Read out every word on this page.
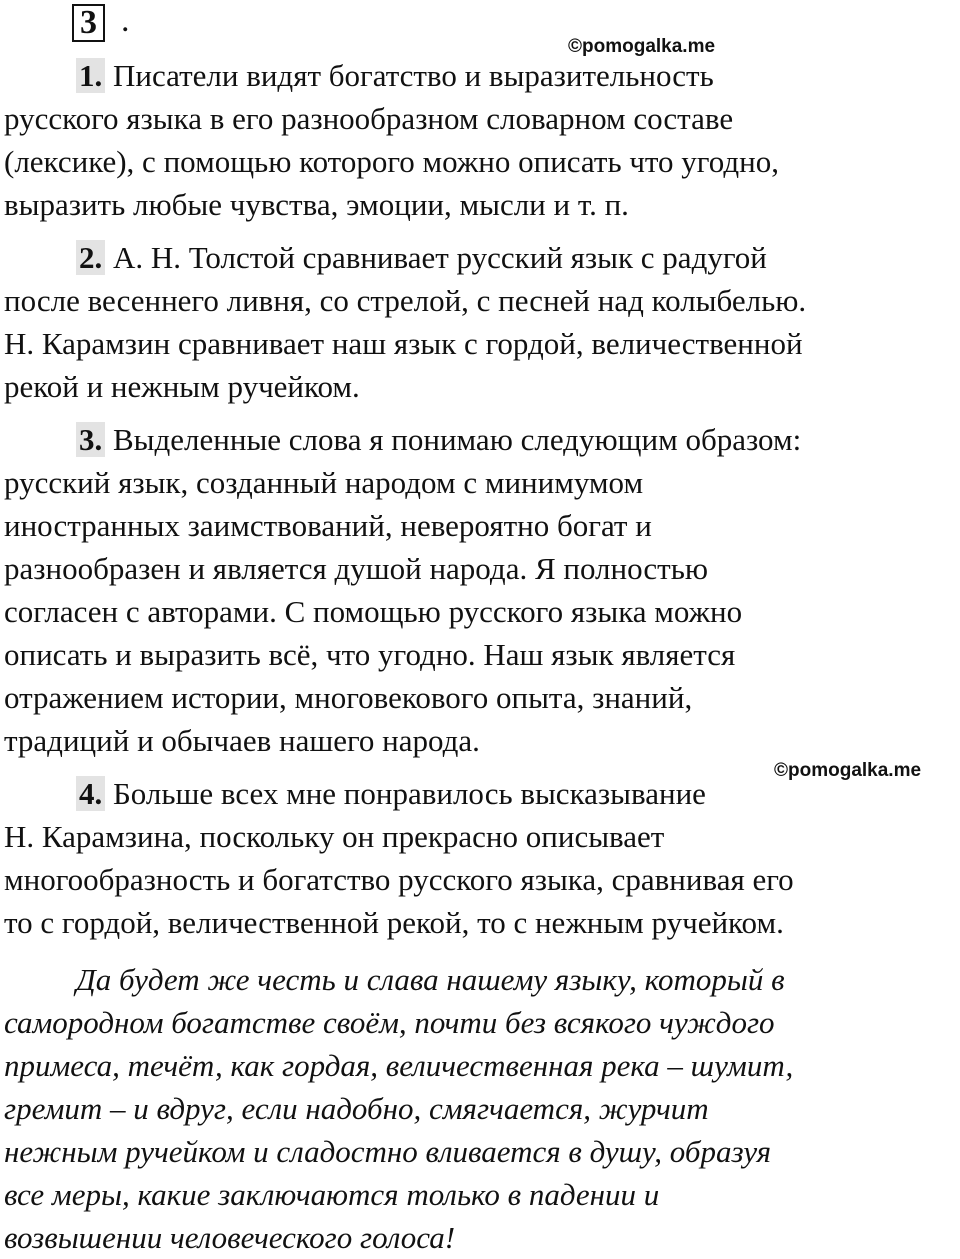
3 .
©pomogalka.me
©pomogalka.me

1. Писатели видят богатство и выразительность
русского языка в его разнообразном словарном составе
(лексике), с помощью которого можно описать что угодно,
выразить любые чувства, эмоции, мысли и т. п.

2. А. Н. Толстой сравнивает русский язык с радугой
после весеннего ливня, со стрелой, с песней над колыбелью.
Н. Карамзин сравнивает наш язык с гордой, величественной
рекой и нежным ручейком.

3. Выделенные слова я понимаю следующим образом:
русский язык, созданный народом с минимумом
иностранных заимствований, невероятно богат и
разнообразен и является душой народа. Я полностью
согласен с авторами. С помощью русского языка можно
описать и выразить всё, что угодно. Наш язык является
отражением истории, многовекового опыта, знаний,
традиций и обычаев нашего народа.

4. Больше всех мне понравилось высказывание
Н. Карамзина, поскольку он прекрасно описывает
многообразность и богатство русского языка, сравнивая его
то с гордой, величественной рекой, то с нежным ручейком.

Да будет же честь и слава нашему языку, который в
самородном богатстве своём, почти без всякого чуждого
примеса, течёт, как гордая, величественная река – шумит,
гремит – и вдруг, если надобно, смягчается, журчит
нежным ручейком и сладостно вливается в душу, образуя
все меры, какие заключаются только в падении и
возвышении человеческого голоса!
